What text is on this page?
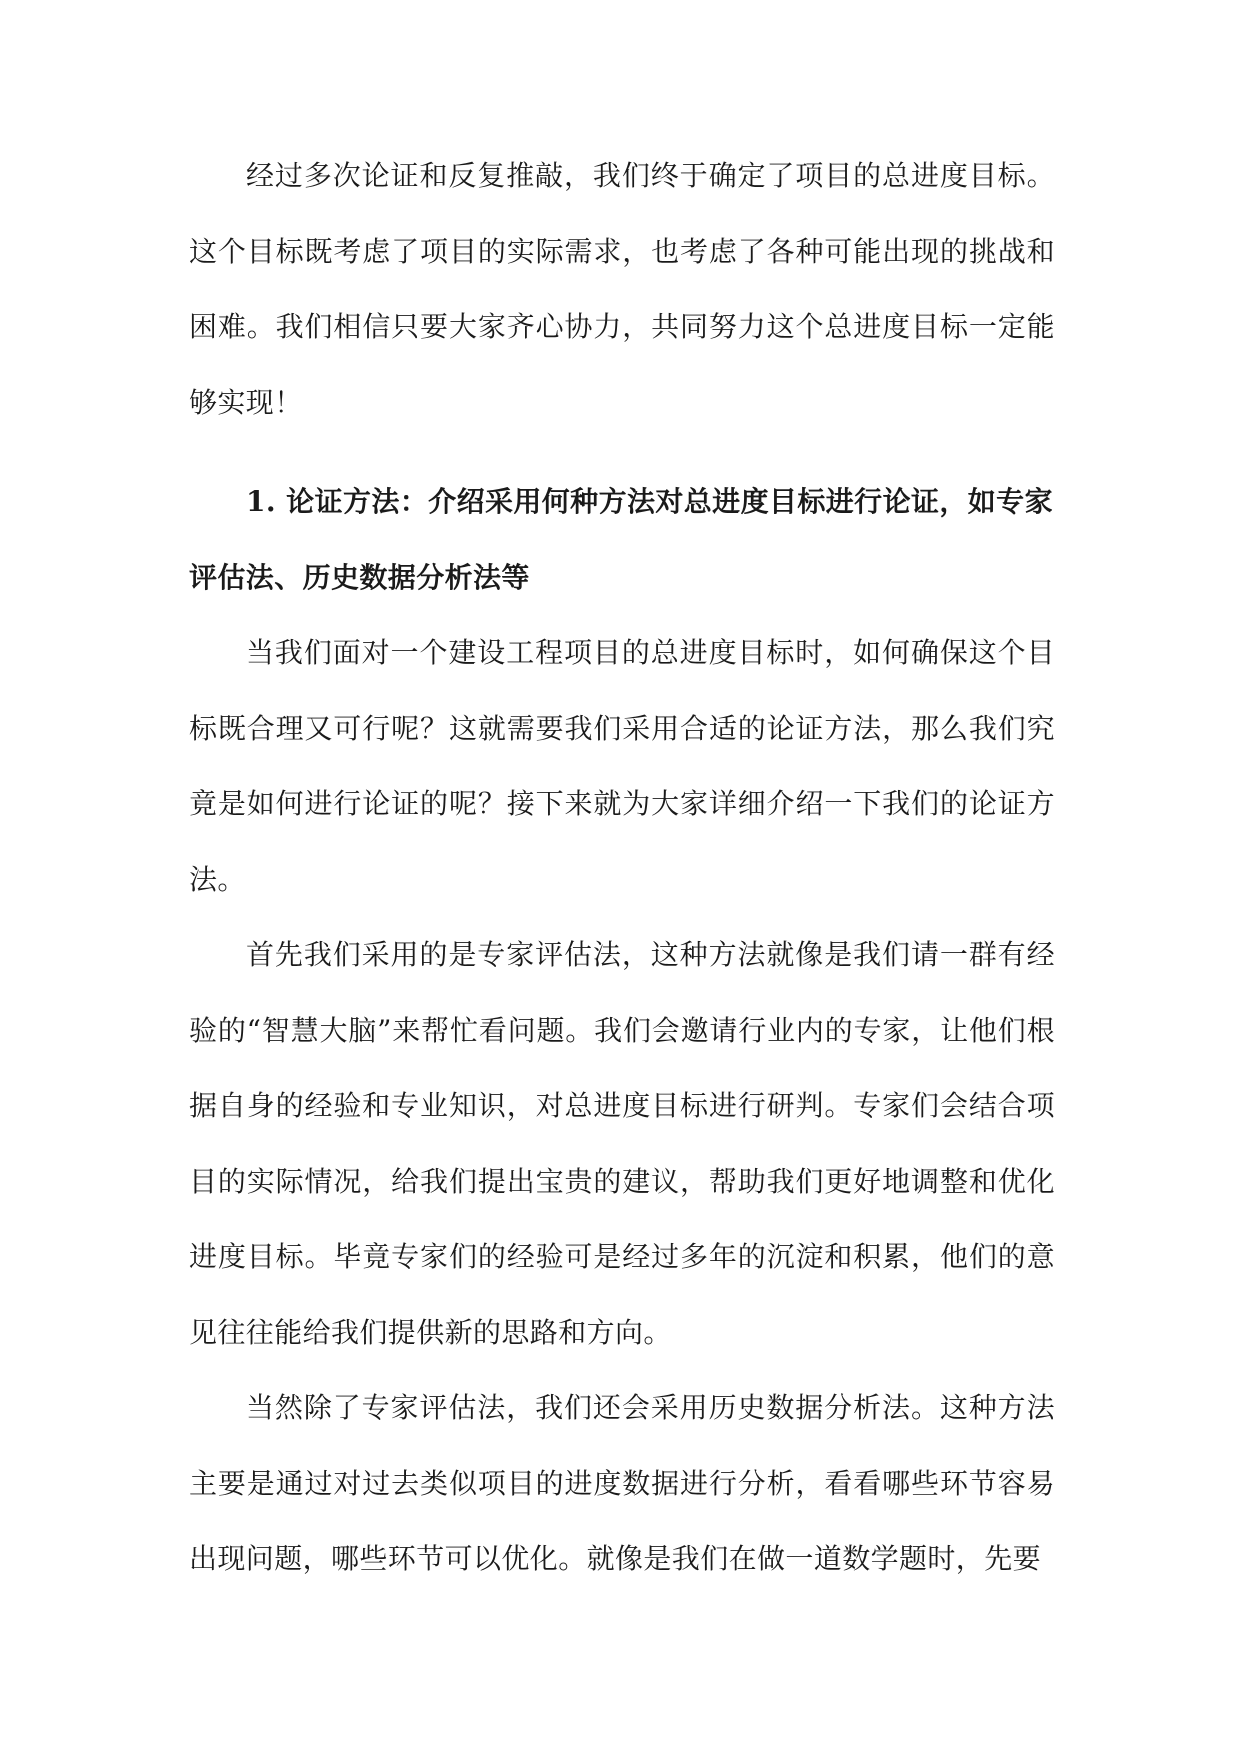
经过多次论证和反复推敲，我们终于确定了项目的总进度目标。这个目标既考虑了项目的实际需求，也考虑了各种可能出现的挑战和困难。我们相信只要大家齐心协力，共同努力这个总进度目标一定能够实现！

1. 论证方法：介绍采用何种方法对总进度目标进行论证，如专家评估法、历史数据分析法等

当我们面对一个建设工程项目的总进度目标时，如何确保这个目标既合理又可行呢？这就需要我们采用合适的论证方法，那么我们究竟是如何进行论证的呢？接下来就为大家详细介绍一下我们的论证方法。

首先我们采用的是专家评估法，这种方法就像是我们请一群有经验的“智慧大脑”来帮忙看问题。我们会邀请行业内的专家，让他们根据自身的经验和专业知识，对总进度目标进行研判。专家们会结合项目的实际情况，给我们提出宝贵的建议，帮助我们更好地调整和优化进度目标。毕竟专家们的经验可是经过多年的沉淀和积累，他们的意见往往能给我们提供新的思路和方向。

当然除了专家评估法，我们还会采用历史数据分析法。这种方法主要是通过对过去类似项目的进度数据进行分析，看看哪些环节容易出现问题，哪些环节可以优化。就像是我们在做一道数学题时，先要
